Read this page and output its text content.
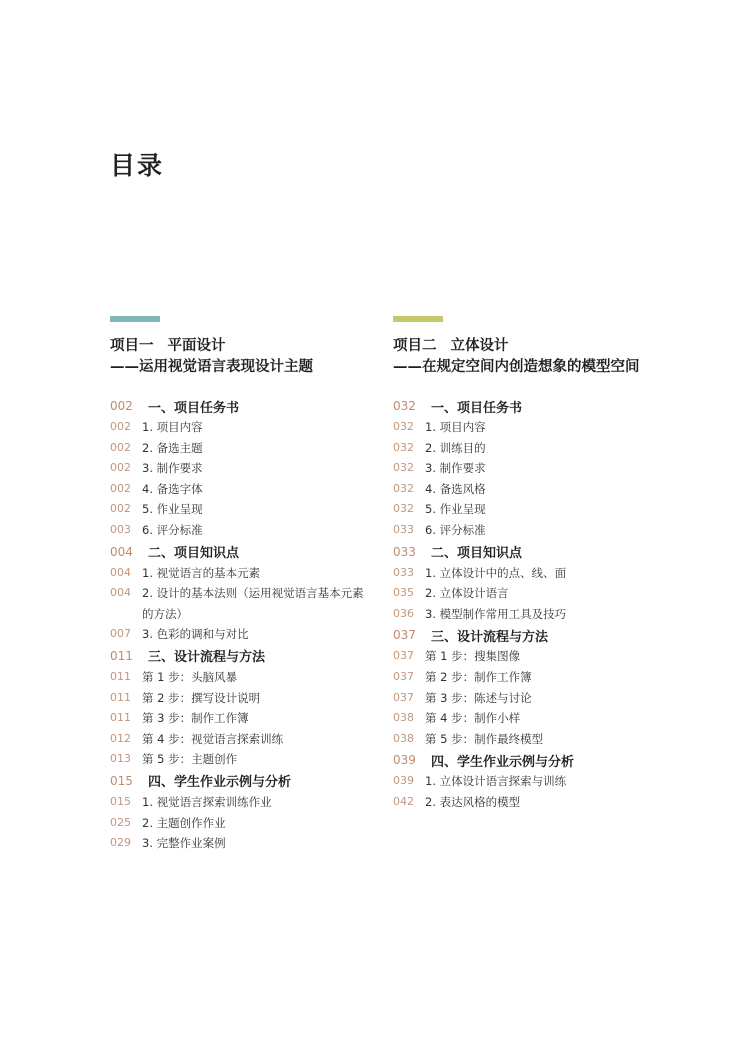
目录
项目一 平面设计
——运用视觉语言表现设计主题
002	一、项目任务书
002 1. 项目内容
002 2. 备选主题
002 3. 制作要求
002 4. 备选字体
002 5. 作业呈现
003 6. 评分标准
004	二、项目知识点
004 1. 视觉语言的基本元素
004 2. 设计的基本法则（运用视觉语言基本元素的方法）
007 3. 色彩的调和与对比
011	三、设计流程与方法
011 第 1 步：头脑风暴
011 第 2 步：撰写设计说明
011 第 3 步：制作工作簿
012 第 4 步：视觉语言探索训练
013 第 5 步：主题创作
015	四、学生作业示例与分析
015 1. 视觉语言探索训练作业
025 2. 主题创作作业
029 3. 完整作业案例
项目二 立体设计
——在规定空间内创造想象的模型空间
032	一、项目任务书
032 1. 项目内容
032 2. 训练目的
032 3. 制作要求
032 4. 备选风格
032 5. 作业呈现
033 6. 评分标准
033	二、项目知识点
033 1. 立体设计中的点、线、面
035 2. 立体设计语言
036 3. 模型制作常用工具及技巧
037	三、设计流程与方法
037 第 1 步：搜集图像
037 第 2 步：制作工作簿
037 第 3 步：陈述与讨论
038 第 4 步：制作小样
038 第 5 步：制作最终模型
039	四、学生作业示例与分析
039 1. 立体设计语言探索与训练
042 2. 表达风格的模型
